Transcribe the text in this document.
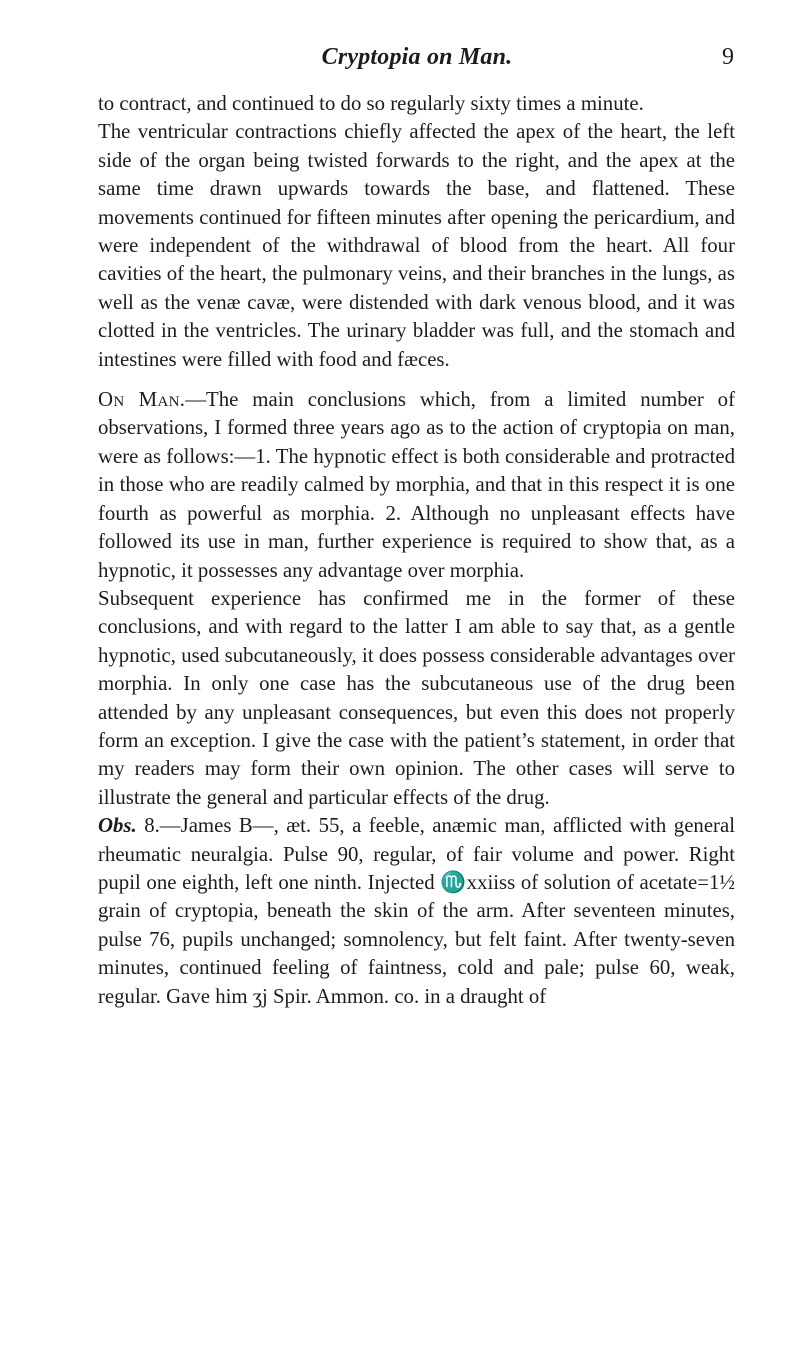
Cryptopia on Man.	9

to contract, and continued to do so regularly sixty times a minute.

The ventricular contractions chiefly affected the apex of the heart, the left side of the organ being twisted forwards to the right, and the apex at the same time drawn upwards towards the base, and flattened. These movements continued for fifteen minutes after opening the pericardium, and were independent of the withdrawal of blood from the heart. All four cavities of the heart, the pulmonary veins, and their branches in the lungs, as well as the venæ cavæ, were distended with dark venous blood, and it was clotted in the ventricles. The urinary bladder was full, and the stomach and intestines were filled with food and fæces.

On Man.—The main conclusions which, from a limited number of observations, I formed three years ago as to the action of cryptopia on man, were as follows:—1. The hypnotic effect is both considerable and protracted in those who are readily calmed by morphia, and that in this respect it is one fourth as powerful as morphia. 2. Although no unpleasant effects have followed its use in man, further experience is required to show that, as a hypnotic, it possesses any advantage over morphia.

Subsequent experience has confirmed me in the former of these conclusions, and with regard to the latter I am able to say that, as a gentle hypnotic, used subcutaneously, it does possess considerable advantages over morphia. In only one case has the subcutaneous use of the drug been attended by any unpleasant consequences, but even this does not properly form an exception. I give the case with the patient’s statement, in order that my readers may form their own opinion. The other cases will serve to illustrate the general and particular effects of the drug.

Obs. 8.—James B—, æt. 55, a feeble, anæmic man, afflicted with general rheumatic neuralgia. Pulse 90, regular, of fair volume and power. Right pupil one eighth, left one ninth. Injected ♏xxiiss of solution of acetate=1½ grain of cryptopia, beneath the skin of the arm. After seventeen minutes, pulse 76, pupils unchanged; somnolency, but felt faint. After twenty-seven minutes, continued feeling of faintness, cold and pale; pulse 60, weak, regular. Gave him ʒj Spir. Ammon. co. in a draught of
